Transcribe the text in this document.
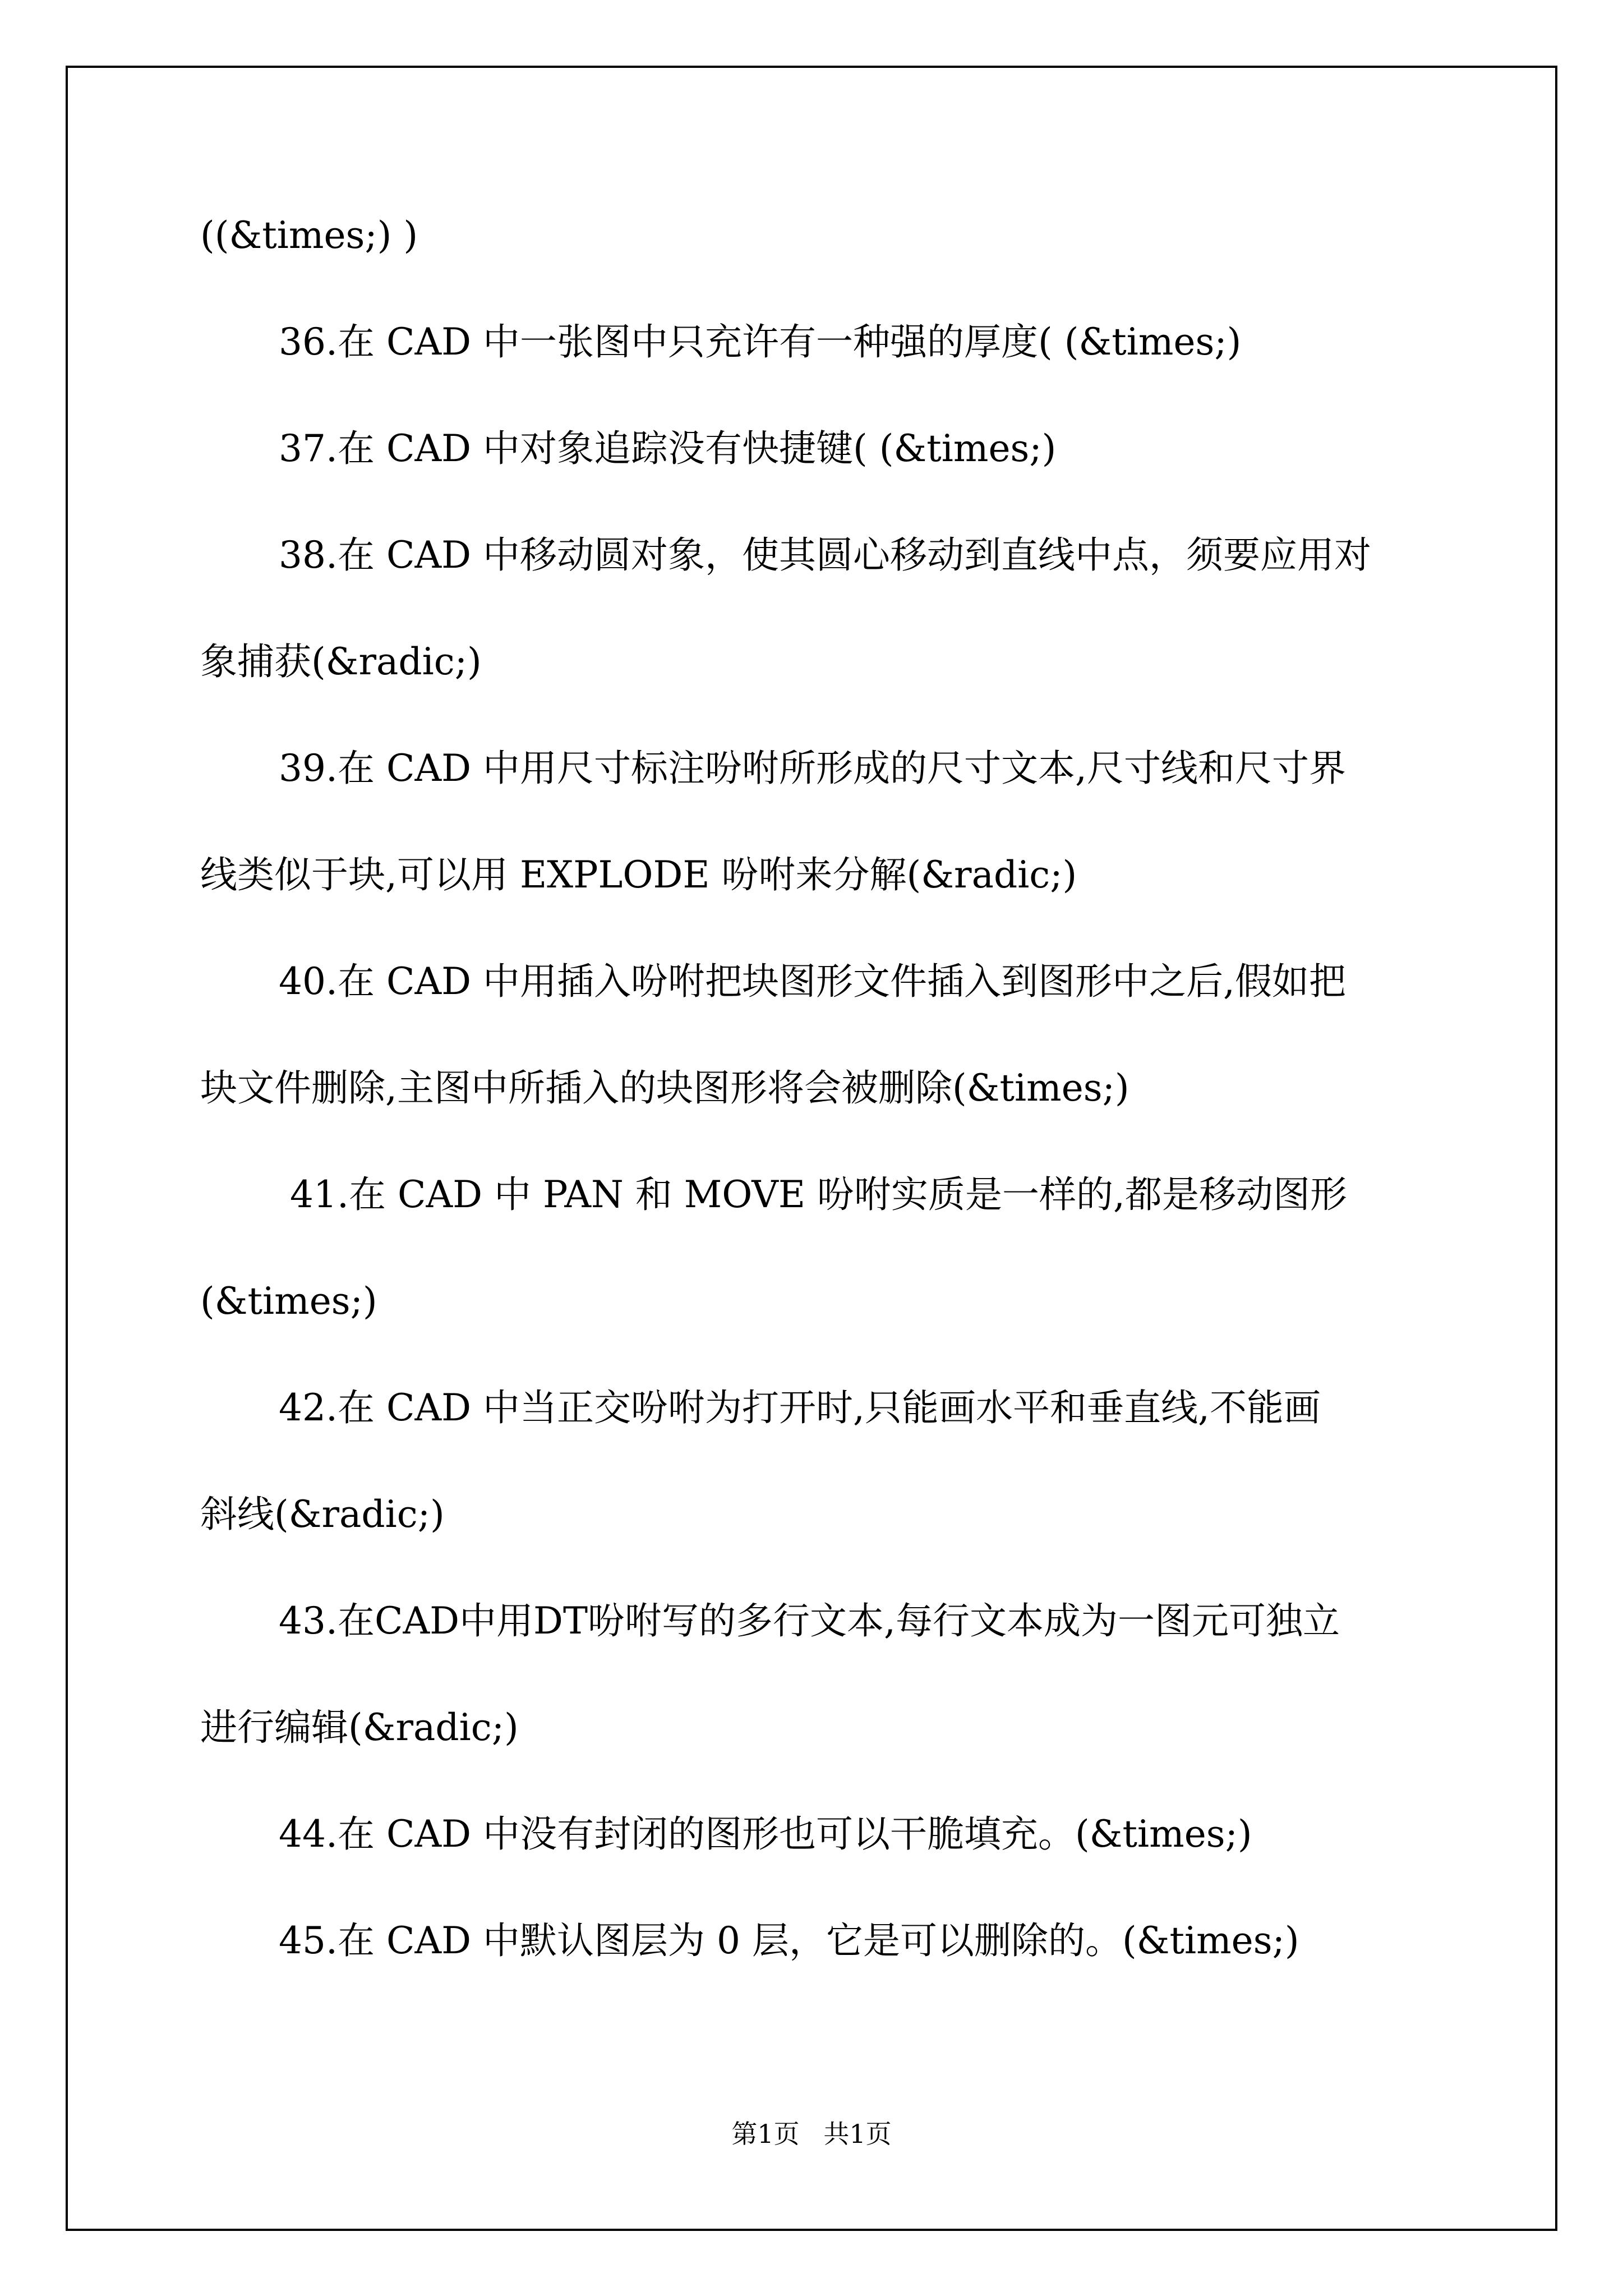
((&times;) )
36.在 CAD 中一张图中只充许有一种强的厚度( (&times;)
37.在 CAD 中对象追踪没有快捷键( (&times;)
38.在 CAD 中移动圆对象，使其圆心移动到直线中点，须要应用对
象捕获(&radic;)
39.在 CAD 中用尺寸标注吩咐所形成的尺寸文本,尺寸线和尺寸界
线类似于块,可以用 EXPLODE 吩咐来分解(&radic;)
40.在 CAD 中用插入吩咐把块图形文件插入到图形中之后,假如把
块文件删除,主图中所插入的块图形将会被删除(&times;)
41.在 CAD 中 PAN 和 MOVE 吩咐实质是一样的,都是移动图形
(&times;)
42.在 CAD 中当正交吩咐为打开时,只能画水平和垂直线,不能画
斜线(&radic;)
43.在CAD中用DT吩咐写的多行文本,每行文本成为一图元可独立
进行编辑(&radic;)
44.在 CAD 中没有封闭的图形也可以干脆填充。(&times;)
45.在 CAD 中默认图层为 0 层，它是可以删除的。(&times;)
第1页 共1页
